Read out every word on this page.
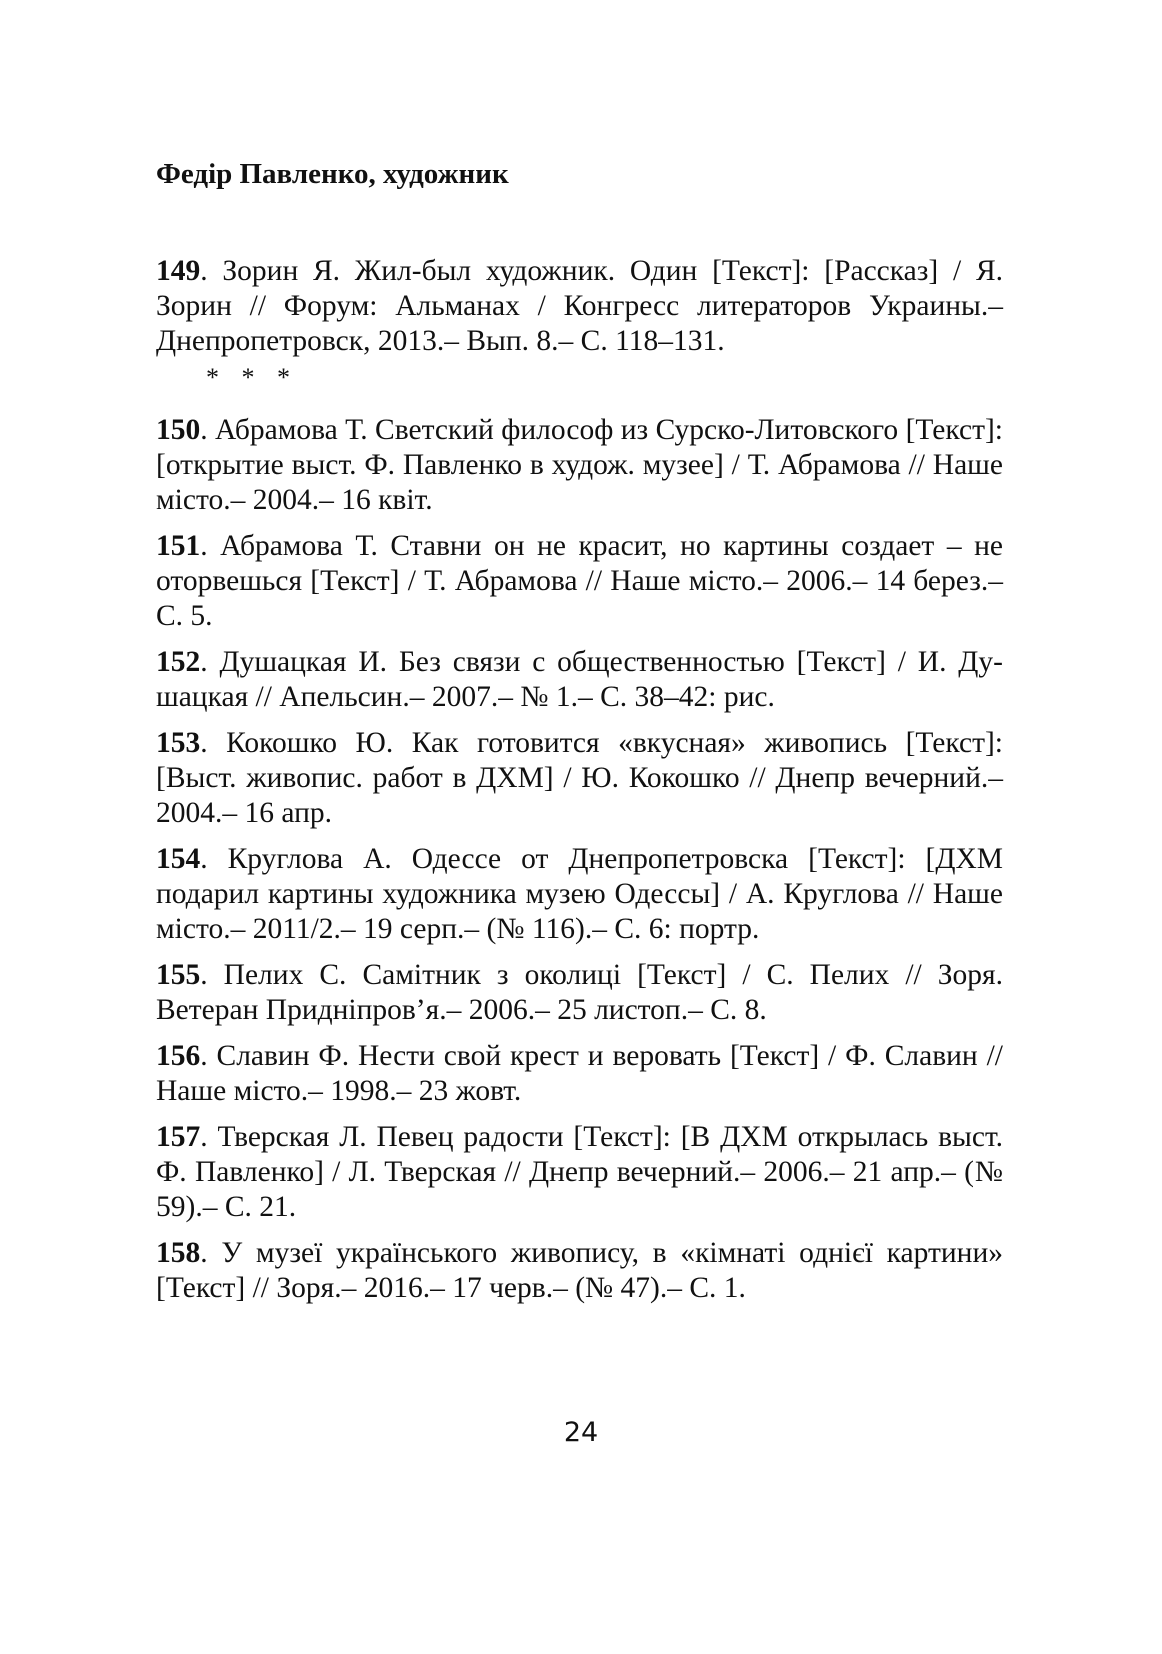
Федір Павленко, художник

149. Зорин Я. Жил-был художник. Один [Текст]: [Рассказ] / Я. Зорин // Форум: Альманах / Конгресс литераторов Украины.– Днепропетровск, 2013.– Вып. 8.– С. 118–131.

* * *

150. Абрамова Т. Светский философ из Сурско-Литовского [Текст]: [открытие выст. Ф. Павленко в худож. музее] / Т. Абрамова // Наше місто.– 2004.– 16 квіт.

151. Абрамова Т. Ставни он не красит, но картины создает – не оторвешься [Текст] / Т. Абрамова // Наше місто.– 2006.– 14 берез.– С. 5.

152. Душацкая И. Без связи с общественностью [Текст] / И. Душацкая // Апельсин.– 2007.– № 1.– С. 38–42: рис.

153. Кокошко Ю. Как готовится «вкусная» живопись [Текст]: [Выст. живопис. работ в ДХМ] / Ю. Кокошко // Днепр вечерний.– 2004.– 16 апр.

154. Круглова А. Одессе от Днепропетровска [Текст]: [ДХМ подарил картины художника музею Одессы] / А. Круглова // Наше місто.– 2011/2.– 19 серп.– (№ 116).– С. 6: портр.

155. Пелих С. Самітник з околиці [Текст] / С. Пелих // Зоря. Ветеран Придніпров’я.– 2006.– 25 листоп.– С. 8.

156. Славин Ф. Нести свой крест и веровать [Текст] / Ф. Славин // Наше місто.– 1998.– 23 жовт.

157. Тверская Л. Певец радости [Текст]: [В ДХМ открылась выст. Ф. Павленко] / Л. Тверская // Днепр вечерний.– 2006.– 21 апр.– (№ 59).– С. 21.

158. У музеї українського живопису, в «кімнаті однієї картини» [Текст] // Зоря.– 2016.– 17 черв.– (№ 47).– С. 1.

24
